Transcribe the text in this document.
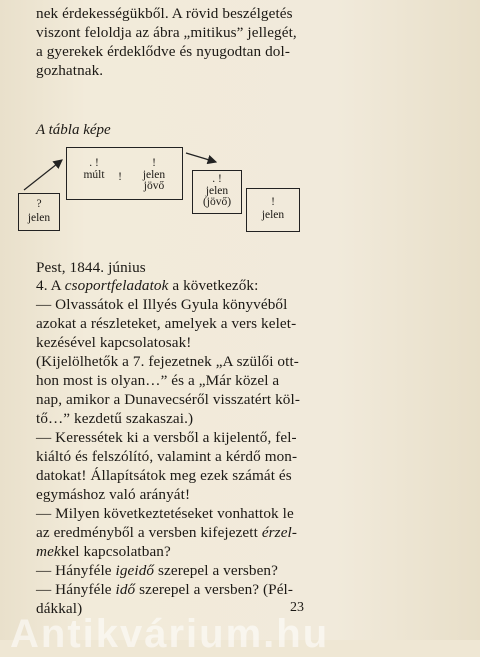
nek érdekességükből. A rövid beszélgetés
viszont feloldja az ábra „mitikus” jellegét,
a gyerekek érdeklődve és nyugodtan dol-
gozhatnak.
A tábla képe
?
jelen
. !
múlt	!
!
jelen
jövő
. !
jelen
(jövő)	!
jelen
Pest, 1844. június
4. A csoportfeladatok a következők:
— Olvassátok el Illyés Gyula könyvéből
azokat a részleteket, amelyek a vers kelet-
kezésével kapcsolatosak!
(Kijelölhetők a 7. fejezetnek „A szülői ott-
hon most is olyan…” és a „Már közel a
nap, amikor a Dunavecséről visszatért köl-
tő…” kezdetű szakaszai.)
— Keressétek ki a versből a kijelentő, fel-
kiáltó és felszólító, valamint a kérdő mon-
datokat! Állapítsátok meg ezek számát és
egymáshoz való arányát!
— Milyen következtetéseket vonhattok le
az eredményből a versben kifejezett érzel-
mekkel kapcsolatban?
— Hányféle igeidő szerepel a versben?
— Hányféle idő szerepel a versben? (Pél-
dákkal)	23
Antikvárium.hu
